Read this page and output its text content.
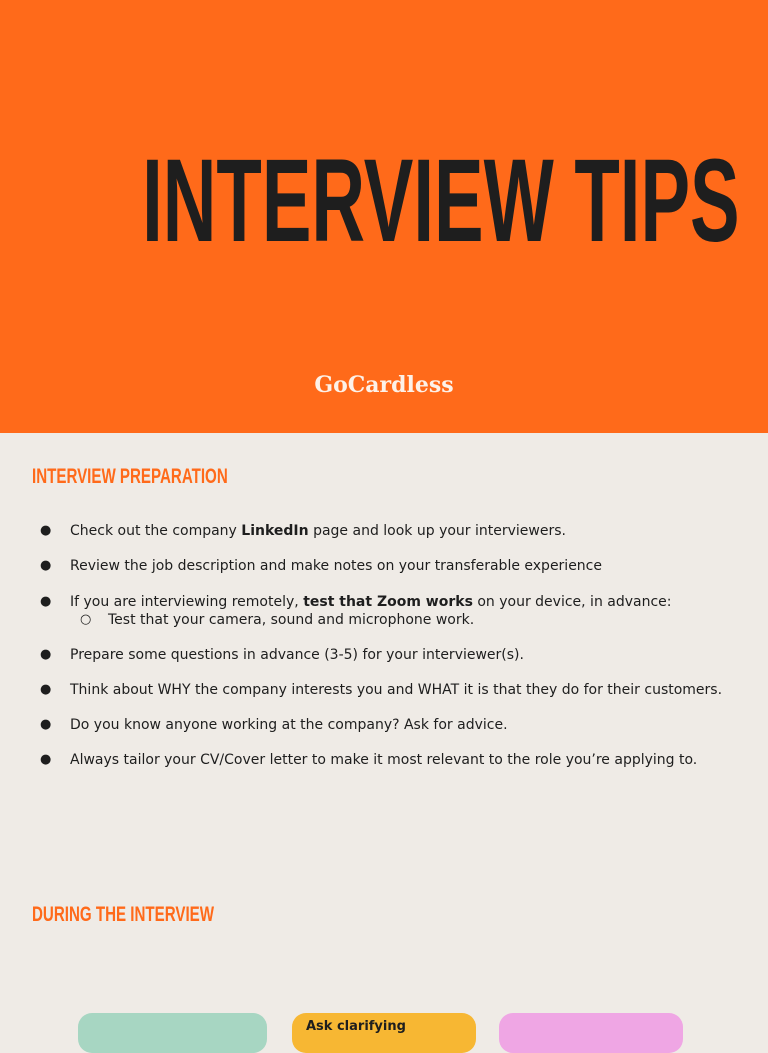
INTERVIEW TIPS
GoCardless
INTERVIEW PREPARATION
● Check out the company LinkedIn page and look up your interviewers.
● Review the job description and make notes on your transferable experience
● If you are interviewing remotely, test that Zoom works on your device, in advance:
○ Test that your camera, sound and microphone work.
● Prepare some questions in advance (3-5) for your interviewer(s).
● Think about WHY the company interests you and WHAT it is that they do for their customers.
● Do you know anyone working at the company? Ask for advice.
● Always tailor your CV/Cover letter to make it most relevant to the role you’re applying to.
DURING THE INTERVIEW
Ask clarifying
